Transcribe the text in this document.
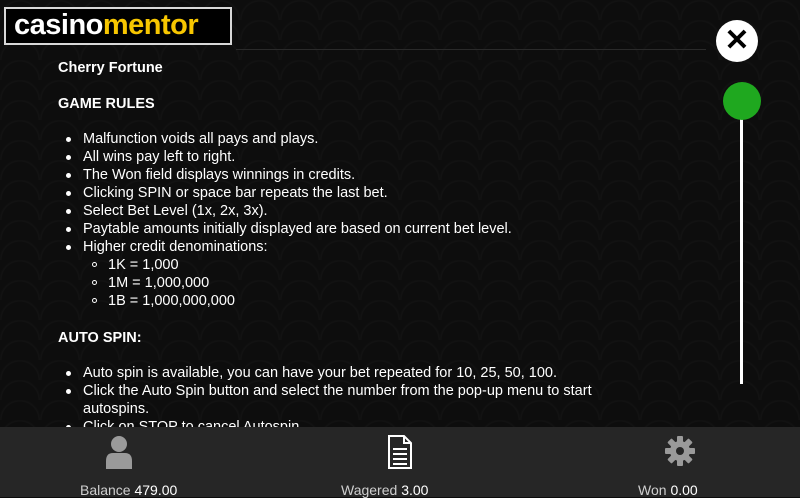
casinomentor	✕

Cherry Fortune

GAME RULES

Malfunction voids all pays and plays.
All wins pay left to right.
The Won field displays winnings in credits.
Clicking SPIN or space bar repeats the last bet.
Select Bet Level (1x, 2x, 3x).
Paytable amounts initially displayed are based on current bet level.
Higher credit denominations:
1K = 1,000
1M = 1,000,000
1B = 1,000,000,000

AUTO SPIN:

Auto spin is available, you can have your bet repeated for 10, 25, 50, 100.
Click the Auto Spin button and select the number from the pop-up menu to start autospins.
Balance 479.00	Wagered 3.00	Won 0.00
